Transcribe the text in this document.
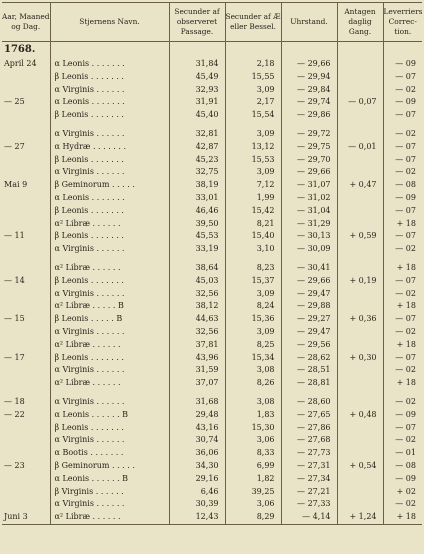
Aar, Maaned og Dag.	Stjernens Navn.	Secunder af observeret Passage.	Secunder af Æ eller Bessel.	Uhrstand.	Antagen daglig Gang.	Leverriers Correc-tion.
1768.						
April 24	α Leonis . . . . . . .	31,84	2,18	— 29,66		— 09
	β Leonis . . . . . . .	45,49	15,55	— 29,94		— 07
	α Virginis . . . . . .	32,93	3,09	— 29,84		— 02
— 25	α Leonis . . . . . . .	31,91	2,17	— 29,74	— 0,07	— 09
	β Leonis . . . . . . .	45,40	15,54	— 29,86		— 07

	α Virginis . . . . . .	32,81	3,09	— 29,72		— 02
— 27	α Hydræ . . . . . . .	42,87	13,12	— 29,75	— 0,01	— 07
	β Leonis . . . . . . .	45,23	15,53	— 29,70		— 07
	α Virginis . . . . . .	32,75	3,09	— 29,66		— 02
Mai 9	β Geminorum . . . . .	38,19	7,12	— 31,07	+ 0,47	— 08
	α Leonis . . . . . . .	33,01	1,99	— 31,02		— 09
	β Leonis . . . . . . .	46,46	15,42	— 31,04		— 07
	α² Libræ . . . . . .	39,50	8,21	— 31,29		+ 18
— 11	β Leonis . . . . . . .	45,53	15,40	— 30,13	+ 0,59	— 07
	α Virginis . . . . . .	33,19	3,10	— 30,09		— 02

	α² Libræ . . . . . .	38,64	8,23	— 30,41		+ 18
— 14	β Leonis . . . . . . .	45,03	15,37	— 29,66	+ 0,19	— 07
	α Virginis . . . . . .	32,56	3,09	— 29,47		— 02
	α² Libræ . . . . . B	38,12	8,24	— 29,88		+ 18
— 15	β Leonis . . . . . B	44,63	15,36	— 29,27	+ 0,36	— 07
	α Virginis . . . . . .	32,56	3,09	— 29,47		— 02
	α² Libræ . . . . . .	37,81	8,25	— 29,56		+ 18
— 17	β Leonis . . . . . . .	43,96	15,34	— 28,62	+ 0,30	— 07
	α Virginis . . . . . .	31,59	3,08	— 28,51		— 02
	α² Libræ . . . . . .	37,07	8,26	— 28,81		+ 18

— 18	α Virginis . . . . . .	31,68	3,08	— 28,60		— 02
— 22	α Leonis . . . . . . B	29,48	1,83	— 27,65	+ 0,48	— 09
	β Leonis . . . . . . .	43,16	15,30	— 27,86		— 07
	α Virginis . . . . . .	30,74	3,06	— 27,68		— 02
	α Bootis . . . . . . .	36,06	8,33	— 27,73		— 01
— 23	β Geminorum . . . . .	34,30	6,99	— 27,31	+ 0,54	— 08
	α Leonis . . . . . . B	29,16	1,82	— 27,34		— 09
	β Virginis . . . . . .	6,46	39,25	— 27,21		+ 02
	α Virginis . . . . . .	30,39	3,06	— 27,33		— 02
Juni 3	α² Libræ . . . . . .	12,43	8,29	— 4,14	+ 1,24	+ 18
